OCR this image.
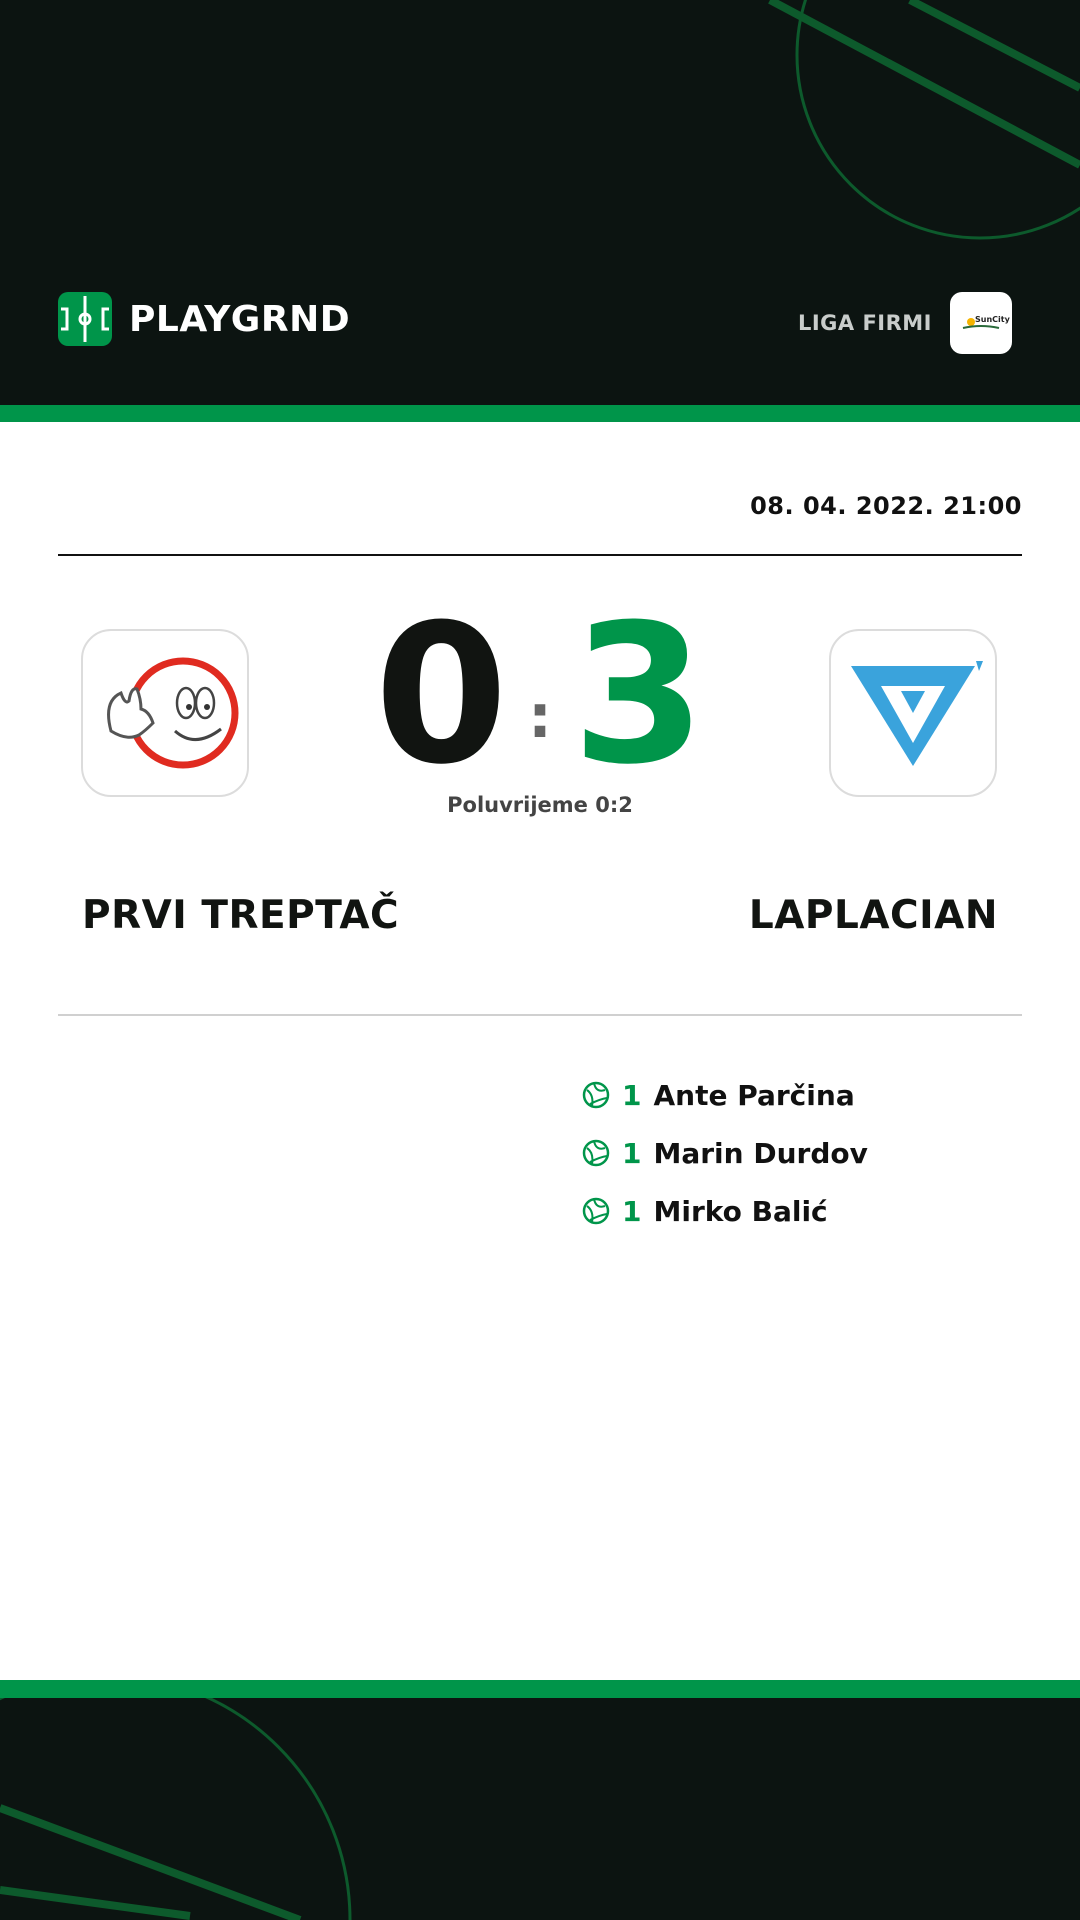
PLAYGRND	LIGA FIRMI	SunCity
08. 04. 2022. 21:00
0 : 3
Poluvrijeme 0:2
PRVI TREPTAČ	LAPLACIAN
1 Ante Parčina
1 Marin Durdov
1 Mirko Balić
